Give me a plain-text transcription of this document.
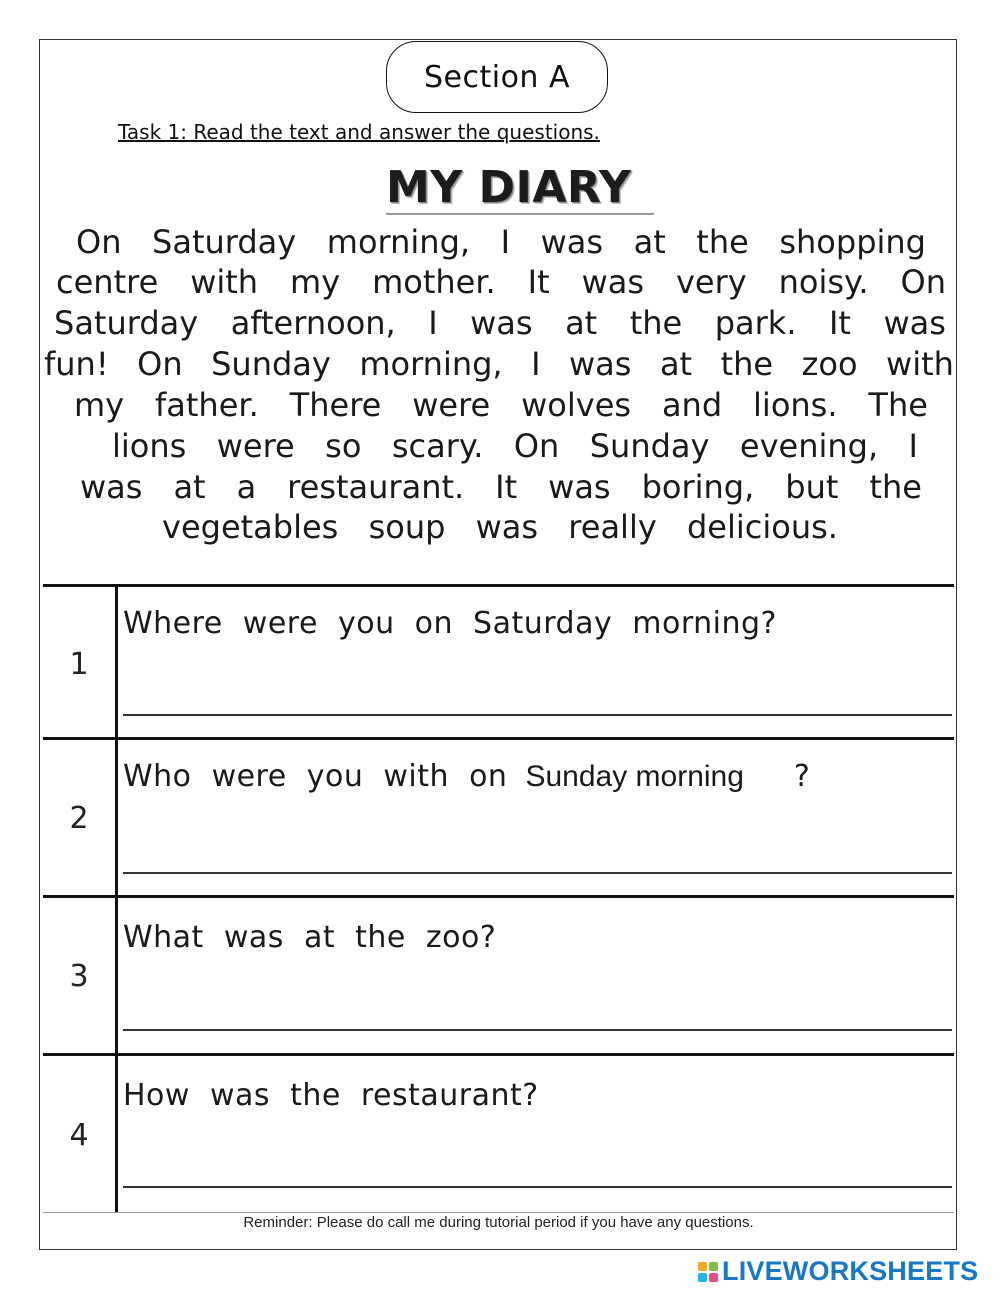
Section A
Task 1: Read the text and answer the questions.
MY DIARY
On Saturday morning, I was at the shopping
centre with my mother. It was very noisy. On
Saturday afternoon, I was at the park. It was
fun! On Sunday morning, I was at the zoo with
my father. There were wolves and lions. The
lions were so scary. On Sunday evening, I
was at a restaurant. It was boring, but the
vegetables soup was really delicious.
1
Where were you on Saturday morning?
2
Who were you with on Sunday morning ?
3
What was at the zoo?
4
How was the restaurant?
Reminder: Please do call me during tutorial period if you have any questions.
LIVEWORKSHEETS
